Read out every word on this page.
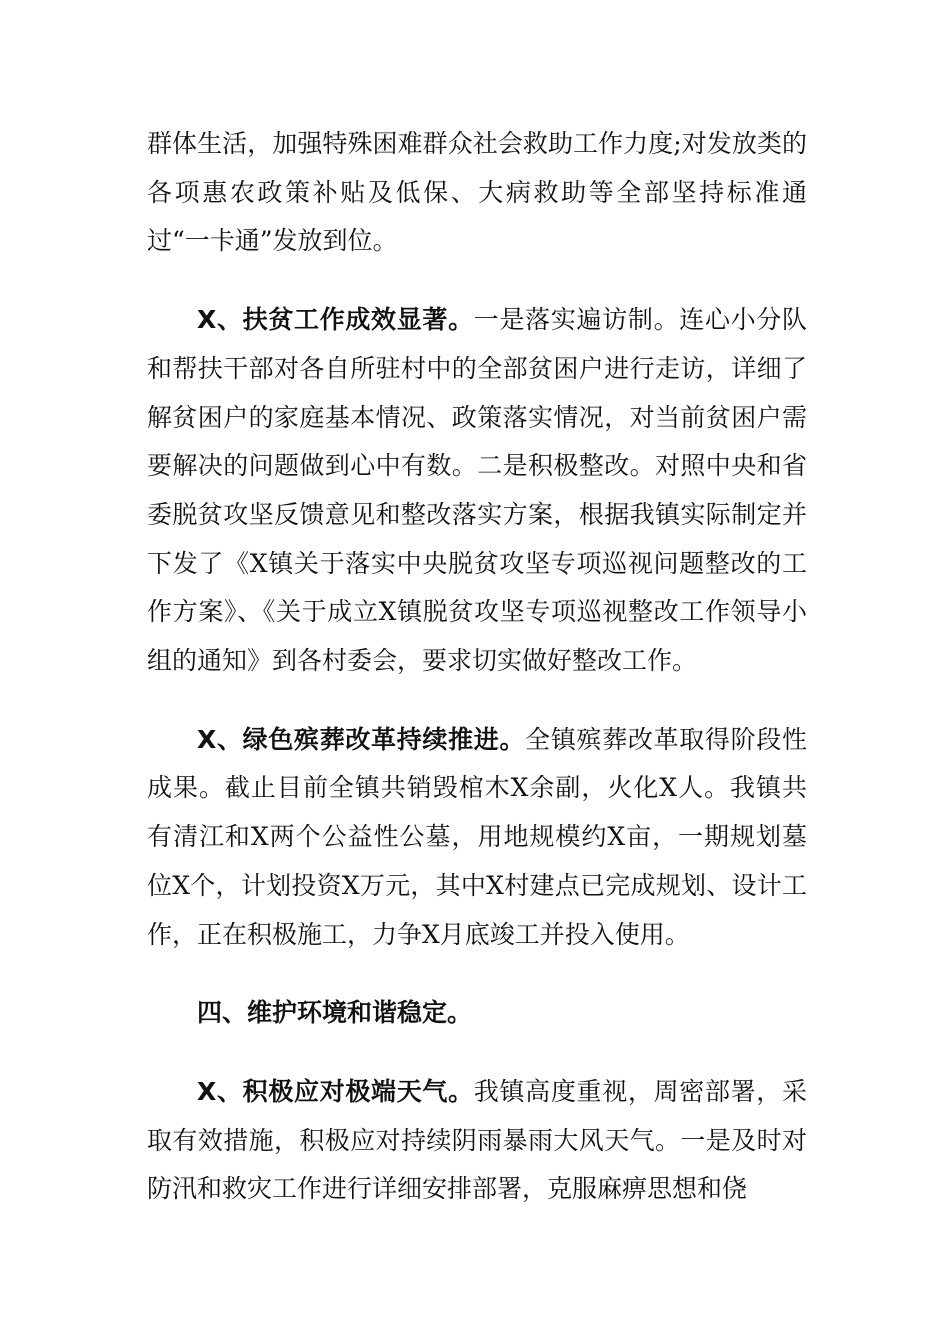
群体生活，加强特殊困难群众社会救助工作力度;对发放类的各项惠农政策补贴及低保、大病救助等全部坚持标准通过“一卡通”发放到位。

X、扶贫工作成效显著。一是落实遍访制。连心小分队和帮扶干部对各自所驻村中的全部贫困户进行走访，详细了解贫困户的家庭基本情况、政策落实情况，对当前贫困户需要解决的问题做到心中有数。二是积极整改。对照中央和省委脱贫攻坚反馈意见和整改落实方案，根据我镇实际制定并下发了《X镇关于落实中央脱贫攻坚专项巡视问题整改的工作方案》、《关于成立X镇脱贫攻坚专项巡视整改工作领导小组的通知》到各村委会，要求切实做好整改工作。

X、绿色殡葬改革持续推进。全镇殡葬改革取得阶段性成果。截止目前全镇共销毁棺木X余副，火化X人。我镇共有清江和X两个公益性公墓，用地规模约X亩，一期规划墓位X个，计划投资X万元，其中X村建点已完成规划、设计工作，正在积极施工，力争X月底竣工并投入使用。

四、维护环境和谐稳定。

X、积极应对极端天气。我镇高度重视，周密部署，采取有效措施，积极应对持续阴雨暴雨大风天气。一是及时对防汛和救灾工作进行详细安排部署，克服麻痹思想和侥
